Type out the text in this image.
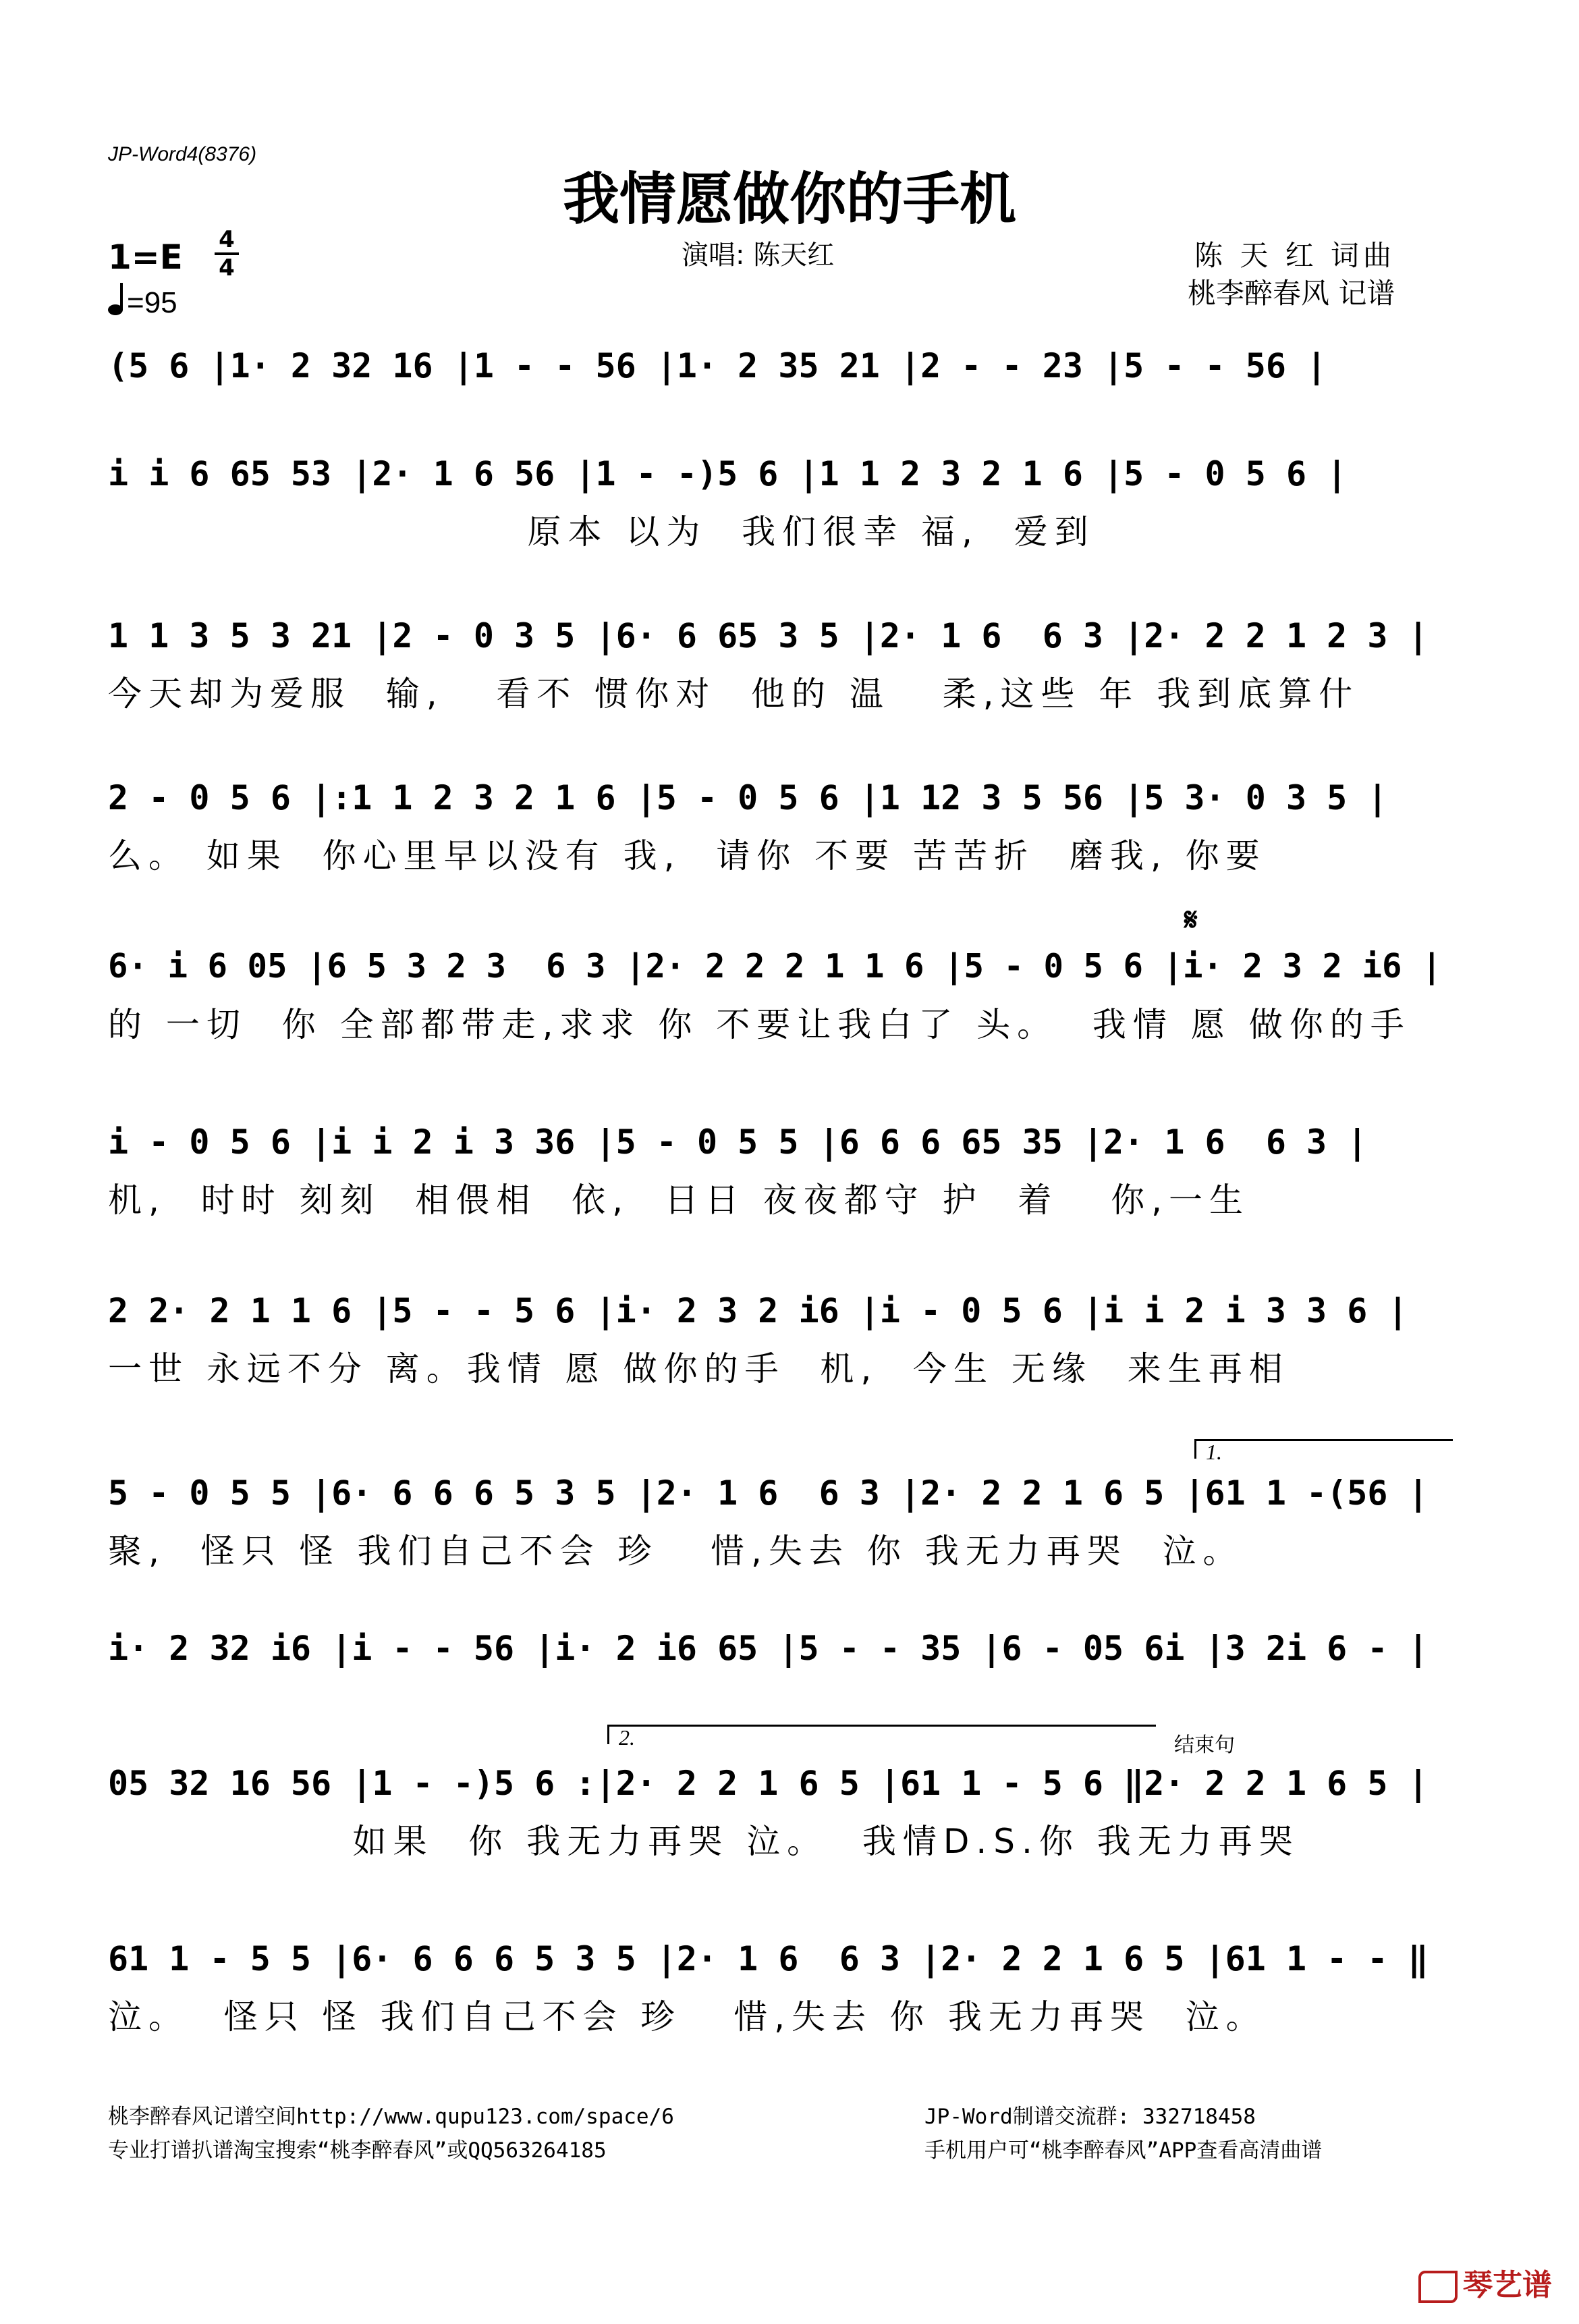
JP-Word4(8376)
我情愿做你的手机
1=E 4
4
=95
演唱: 陈天红	陈 天 红 词曲
桃李醉春风 记谱
𝄋
(5 6 |1· 2 32 16 |1 - - 56 |1· 2 35 21 |2 - - 23 |5 - - 56 |
i i 6 65 53 |2· 1 6 56 |1 - -)5 6 |1 1 2 3 2 1 6 |5 - 0 5 6 |
原本 以为  我们很幸 福,  爱到
1 1 3 5 3 21 |2 - 0 3 5 |6· 6 65 3 5 |2· 1 6  6 3 |2· 2 2 1 2 3 |
今天却为爱服  输,   看不 惯你对  他的 温   柔,这些 年 我到底算什
2 - 0 5 6 |:1 1 2 3 2 1 6 |5 - 0 5 6 |1 12 3 5 56 |5 3· 0 3 5 |
么。 如果  你心里早以没有 我,  请你 不要 苦苦折  磨我, 你要
6· i 6 05 |6 5 3 2 3  6 3 |2· 2 2 2 1 1 6 |5 - 0 5 6 |i· 2 3 2 i6 |
的 一切  你 全部都带走,求求 你 不要让我白了 头。  我情 愿 做你的手
i - 0 5 6 |i i 2 i 3 36 |5 - 0 5 5 |6 6 6 65 35 |2· 1 6  6 3 |
机,  时时 刻刻  相偎相  依,  日日 夜夜都守 护  着   你,一生
2 2· 2 1 1 6 |5 - - 5 6 |i· 2 3 2 i6 |i - 0 5 6 |i i 2 i 3 3 6 |
一世 永远不分 离。我情 愿 做你的手  机,  今生 无缘  来生再相
1.
5 - 0 5 5 |6· 6 6 6 5 3 5 |2· 1 6  6 3 |2· 2 2 1 6 5 |61 1 -(56 |
聚,  怪只 怪 我们自己不会 珍   惜,失去 你 我无力再哭  泣。
i· 2 32 i6 |i - - 56 |i· 2 i6 65 |5 - - 35 |6 - 05 6i |3 2i 6 - |
2.	结束句
05 32 16 56 |1 - -)5 6 :|2· 2 2 1 6 5 |61 1 - 5 6 ‖2· 2 2 1 6 5 |
如果  你 我无力再哭 泣。  我情D.S.你 我无力再哭
61 1 - 5 5 |6· 6 6 6 5 3 5 |2· 1 6  6 3 |2· 2 2 1 6 5 |61 1 - - ‖
泣。  怪只 怪 我们自己不会 珍   惜,失去 你 我无力再哭  泣。
桃李醉春风记谱空间http://www.qupu123.com/space/6
专业打谱扒谱淘宝搜索“桃李醉春风”或QQ563264185
JP-Word制谱交流群: 332718458
手机用户可“桃李醉春风”APP查看高清曲谱
琴艺谱
